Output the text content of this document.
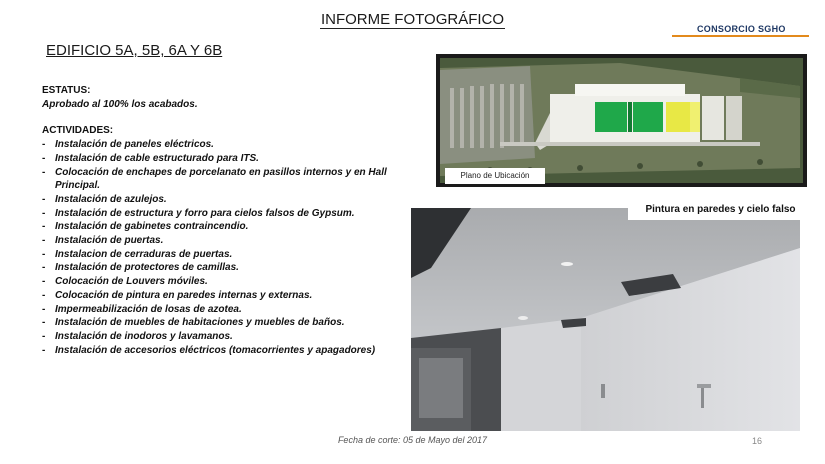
INFORME FOTOGRÁFICO
CONSORCIO SGHO
EDIFICIO 5A, 5B, 6A Y 6B
ESTATUS:
Aprobado al 100% los acabados.
ACTIVIDADES:
- Instalación de paneles eléctricos.
- Instalación de cable estructurado para ITS.
- Colocación de enchapes de porcelanato en pasillos internos y en Hall Principal.
- Instalación de azulejos.
- Instalación de estructura y forro para cielos falsos de Gypsum.
- Instalación de gabinetes contraincendio.
- Instalación de puertas.
- Instalacion de cerraduras de puertas.
- Instalación de protectores de camillas.
- Colocación de Louvers móviles.
- Colocación de pintura en paredes internas y externas.
- Impermeabilización de losas de azotea.
- Instalación de muebles de habitaciones y muebles de baños.
- Instalación de inodoros y lavamanos.
- Instalación de accesorios eléctricos (tomacorrientes y apagadores)
Plano de Ubicación
Pintura en paredes y cielo falso
Fecha de corte: 05 de Mayo del 2017	16
